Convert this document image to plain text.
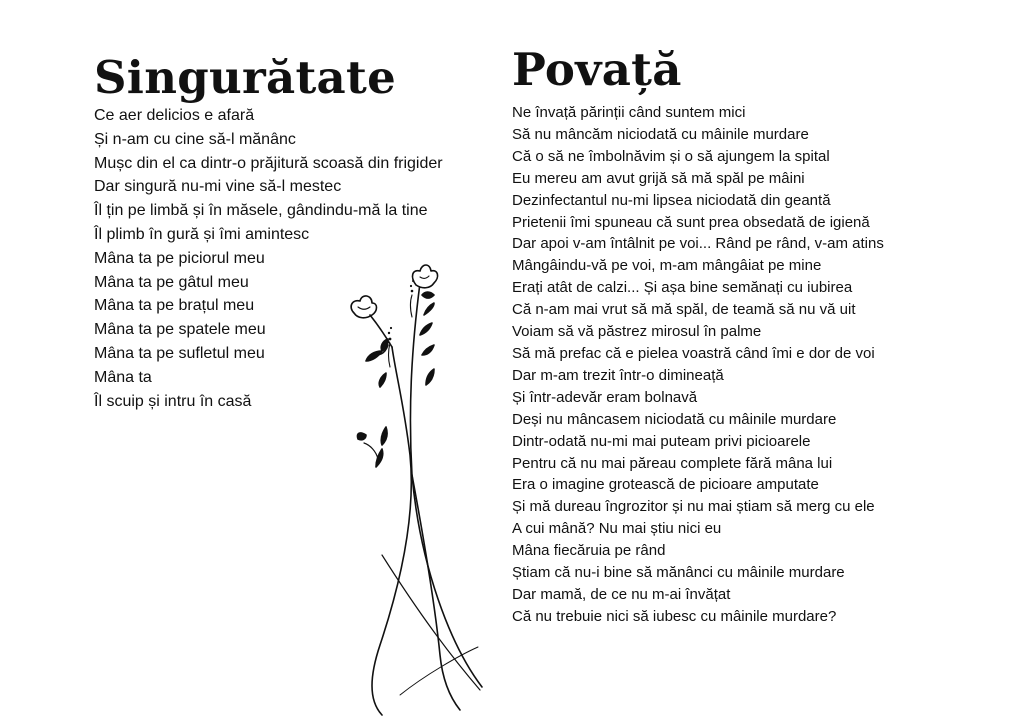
Singurătate
Ce aer delicios e afară
Și n-am cu cine să-l mănânc
Mușc din el ca dintr-o prăjitură scoasă din frigider
Dar singură nu-mi vine să-l mestec
Îl țin pe limbă și în măsele, gândindu-mă la tine
Îl plimb în gură și îmi amintesc
Mâna ta pe piciorul meu
Mâna ta pe gâtul meu
Mâna ta pe brațul meu
Mâna ta pe spatele meu
Mâna ta pe sufletul meu
Mâna ta
Îl scuip și intru în casă
Povață
Ne învață părinții când suntem mici
Să nu mâncăm niciodată cu mâinile murdare
Că o să ne îmbolnăvim și o să ajungem la spital
Eu mereu am avut grijă să mă spăl pe mâini
Dezinfectantul nu-mi lipsea niciodată din geantă
Prietenii îmi spuneau că sunt prea obsedată de igienă
Dar apoi v-am întâlnit pe voi... Rând pe rând, v-am atins
Mângâindu-vă pe voi, m-am mângâiat pe mine
Erați atât de calzi... Și așa bine semănați cu iubirea
Că n-am mai vrut să mă spăl, de teamă să nu vă uit
Voiam să vă păstrez mirosul în palme
Să mă prefac că e pielea voastră când îmi e dor de voi
Dar m-am trezit într-o dimineață
Și într-adevăr eram bolnavă
Deși nu mâncasem niciodată cu mâinile murdare
Dintr-odată nu-mi mai puteam privi picioarele
Pentru că nu mai păreau complete fără mâna lui
Era o imagine grotească de picioare amputate
Și mă dureau îngrozitor și nu mai știam să merg cu ele
A cui mână? Nu mai știu nici eu
Mâna fiecăruia pe rând
Știam că nu-i bine să mănânci cu mâinile murdare
Dar mamă, de ce nu m-ai învățat
Că nu trebuie nici să iubesc cu mâinile murdare?
